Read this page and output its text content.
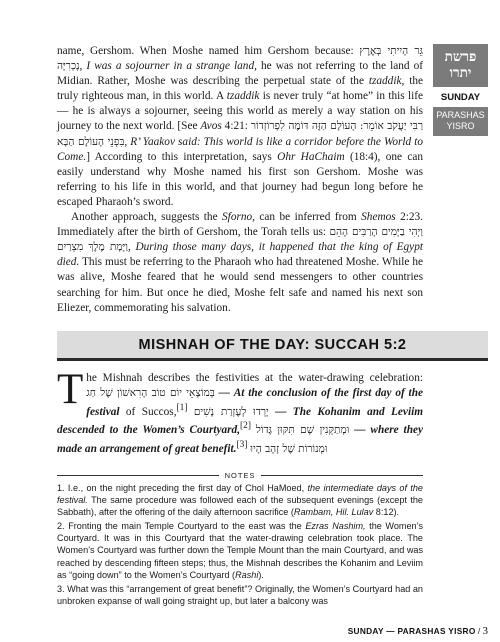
name, Gershom. When Moshe named him Gershom because: גֵּר הָיִיתִי בְּאֶרֶץ נָכְרִיָּה, I was a sojourner in a strange land, he was not referring to the land of Midian. Rather, Moshe was describing the perpetual state of the tzaddik, the truly righteous man, in this world. A tzaddik is never truly “at home” in this life — he is always a sojourner, seeing this world as merely a way station on his journey to the next world. [See Avos 4:21: רַבִּי יַעֲקֹב אוֹמֵר: הָעוֹלָם הַזֶּה דּוֹמֶה לִפְרוֹזְדוֹר בִּפְנֵי הָעוֹלָם הַבָּא, R’ Yaakov said: This world is like a corridor before the World to Come.] According to this interpretation, says Ohr HaChaim (18:4), one can easily understand why Moshe named his first son Gershom. Moshe was referring to his life in this world, and that journey had begun long before he escaped Pharaoh’s sword.

Another approach, suggests the Sforno, can be inferred from Shemos 2:23. Immediately after the birth of Gershom, the Torah tells us: וַיְהִי בַיָּמִים הָרַבִּים הָהֵם וַיָּמָת מֶלֶךְ מִצְרַיִם, During those many days, it happened that the king of Egypt died. This must be referring to the Pharaoh who had threatened Moshe. While he was alive, Moshe feared that he would send messengers to other countries searching for him. But once he died, Moshe felt safe and named his next son Eliezer, commemorating his salvation.

פרשת
יתרו
SUNDAY
PARASHAS
YISRO
MISHNAH OF THE DAY: SUCCAH 5:2
The Mishnah describes the festivities at the water-drawing celebration: בְּמוֹצָאֵי יוֹם טוֹב הָרִאשׁוֹן שֶׁל חַג — At the conclusion of the first day of the festival of Succos,[1] יָרְדוּ לְעֶזְרַת נָשִׁים — The Kohanim and Leviim descended to the Women’s Courtyard,[2] וּמְתַקְּנִין שָׁם תִּקּוּן גָּדוֹל — where they made an arrangement of great benefit.[3] וּמְנוֹרוֹת שֶׁל זָהָב הָיוּ
NOTES

1. I.e., on the night preceding the first day of Chol HaMoed, the intermediate days of the festival. The same procedure was followed each of the subsequent evenings (except the Sabbath), after the offering of the daily afternoon sacrifice (Rambam, Hil. Lulav 8:12).

2. Fronting the main Temple Courtyard to the east was the Ezras Nashim, the Women’s Courtyard. It was in this Courtyard that the water-drawing celebration took place. The Women’s Courtyard was further down the Temple Mount than the main Courtyard, and was reached by descending fifteen steps; thus, the Mishnah describes the Kohanim and Leviim as “going down” to the Women’s Courtyard (Rashi).

3. What was this “arrangement of great benefit”? Originally, the Women’s Courtyard had an unbroken expanse of wall going straight up, but later a balcony was

SUNDAY — PARASHAS YISRO / 3
